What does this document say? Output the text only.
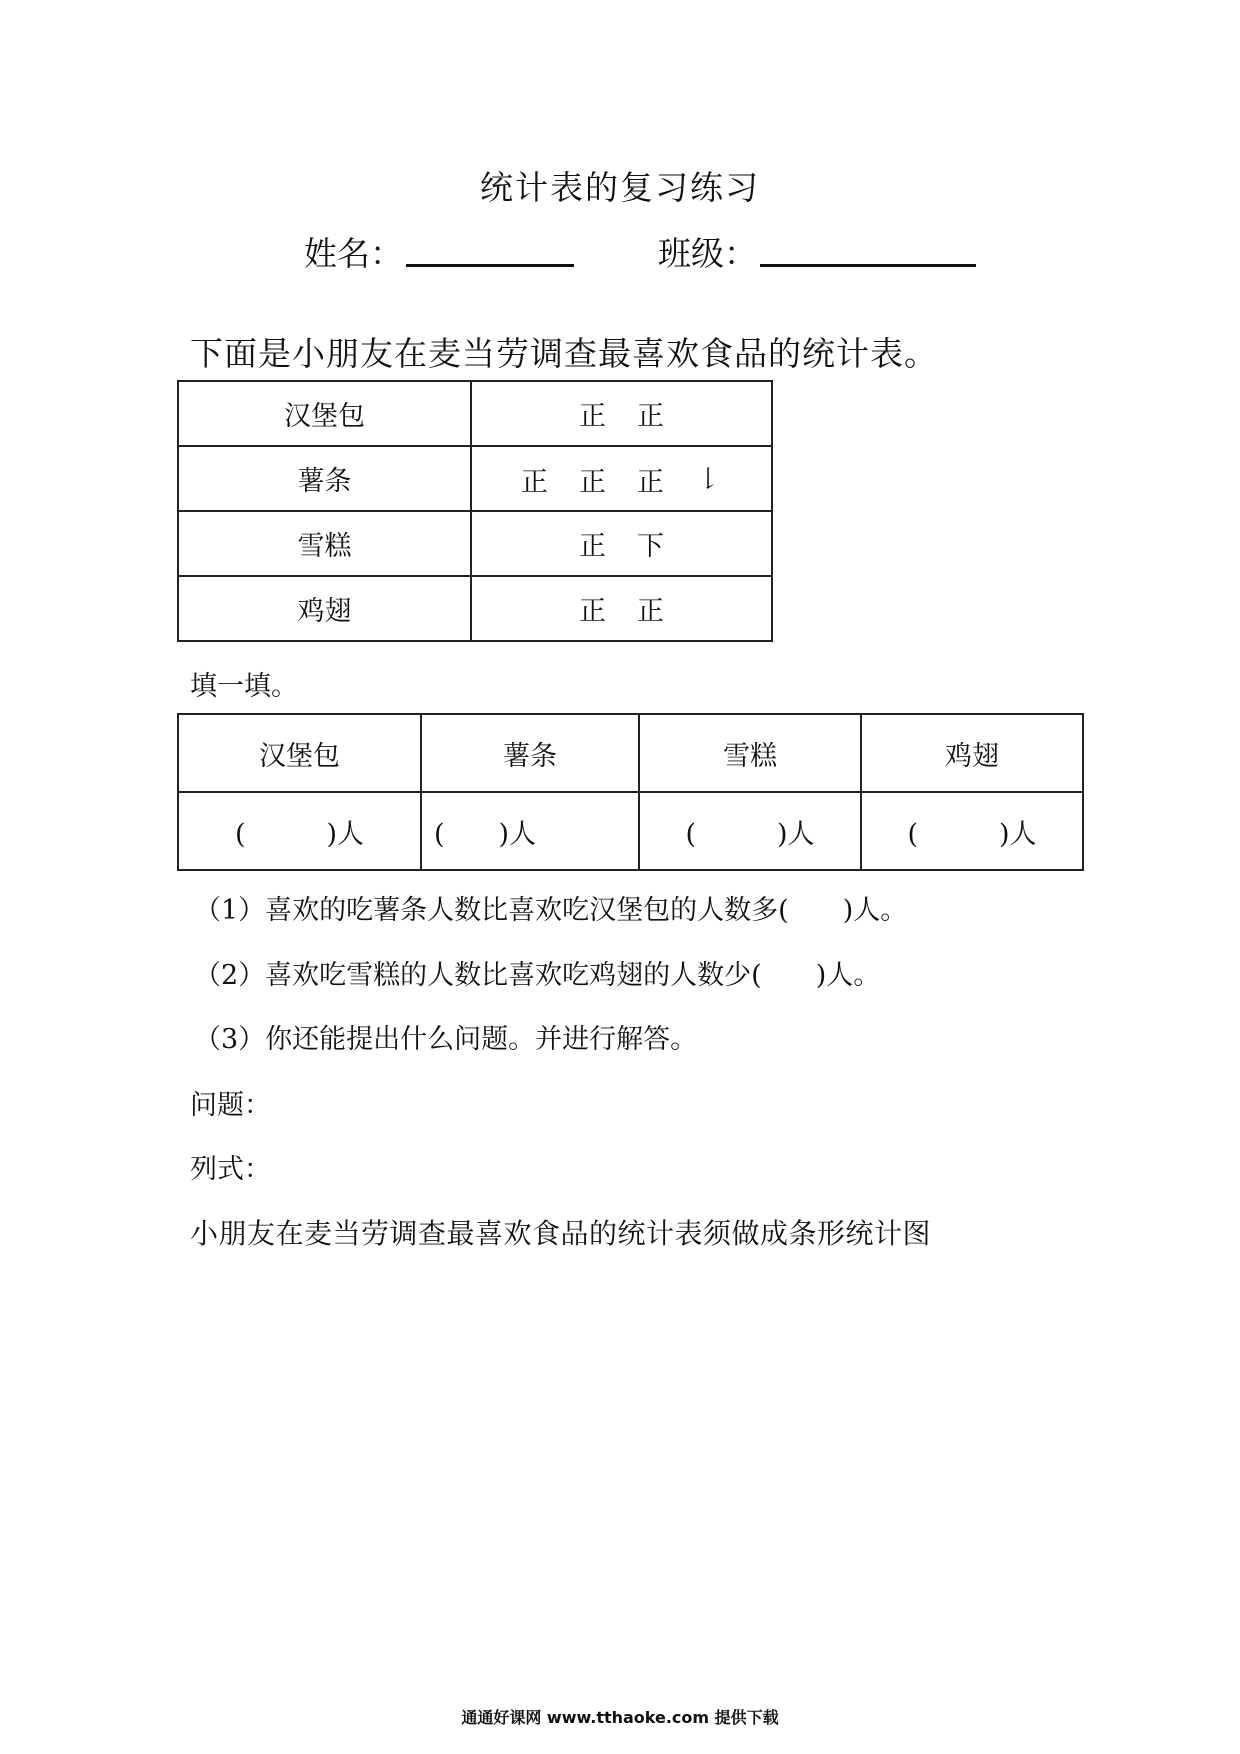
统计表的复习练习
姓名：	班级：
下面是小朋友在麦当劳调查最喜欢食品的统计表。
汉堡包	正 正
薯条	正 正 正 𠄌
雪糕	正 下
鸡翅	正 正
填一填。
汉堡包	薯条	雪糕	鸡翅
(　　　)人	(　　)人	(　　　)人	(　　　)人
（1）喜欢的吃薯条人数比喜欢吃汉堡包的人数多(　　)人。
（2）喜欢吃雪糕的人数比喜欢吃鸡翅的人数少(　　)人。
（3）你还能提出什么问题。并进行解答。
问题：
列式：
小朋友在麦当劳调查最喜欢食品的统计表须做成条形统计图
通通好课网 www.tthaoke.com 提供下载
